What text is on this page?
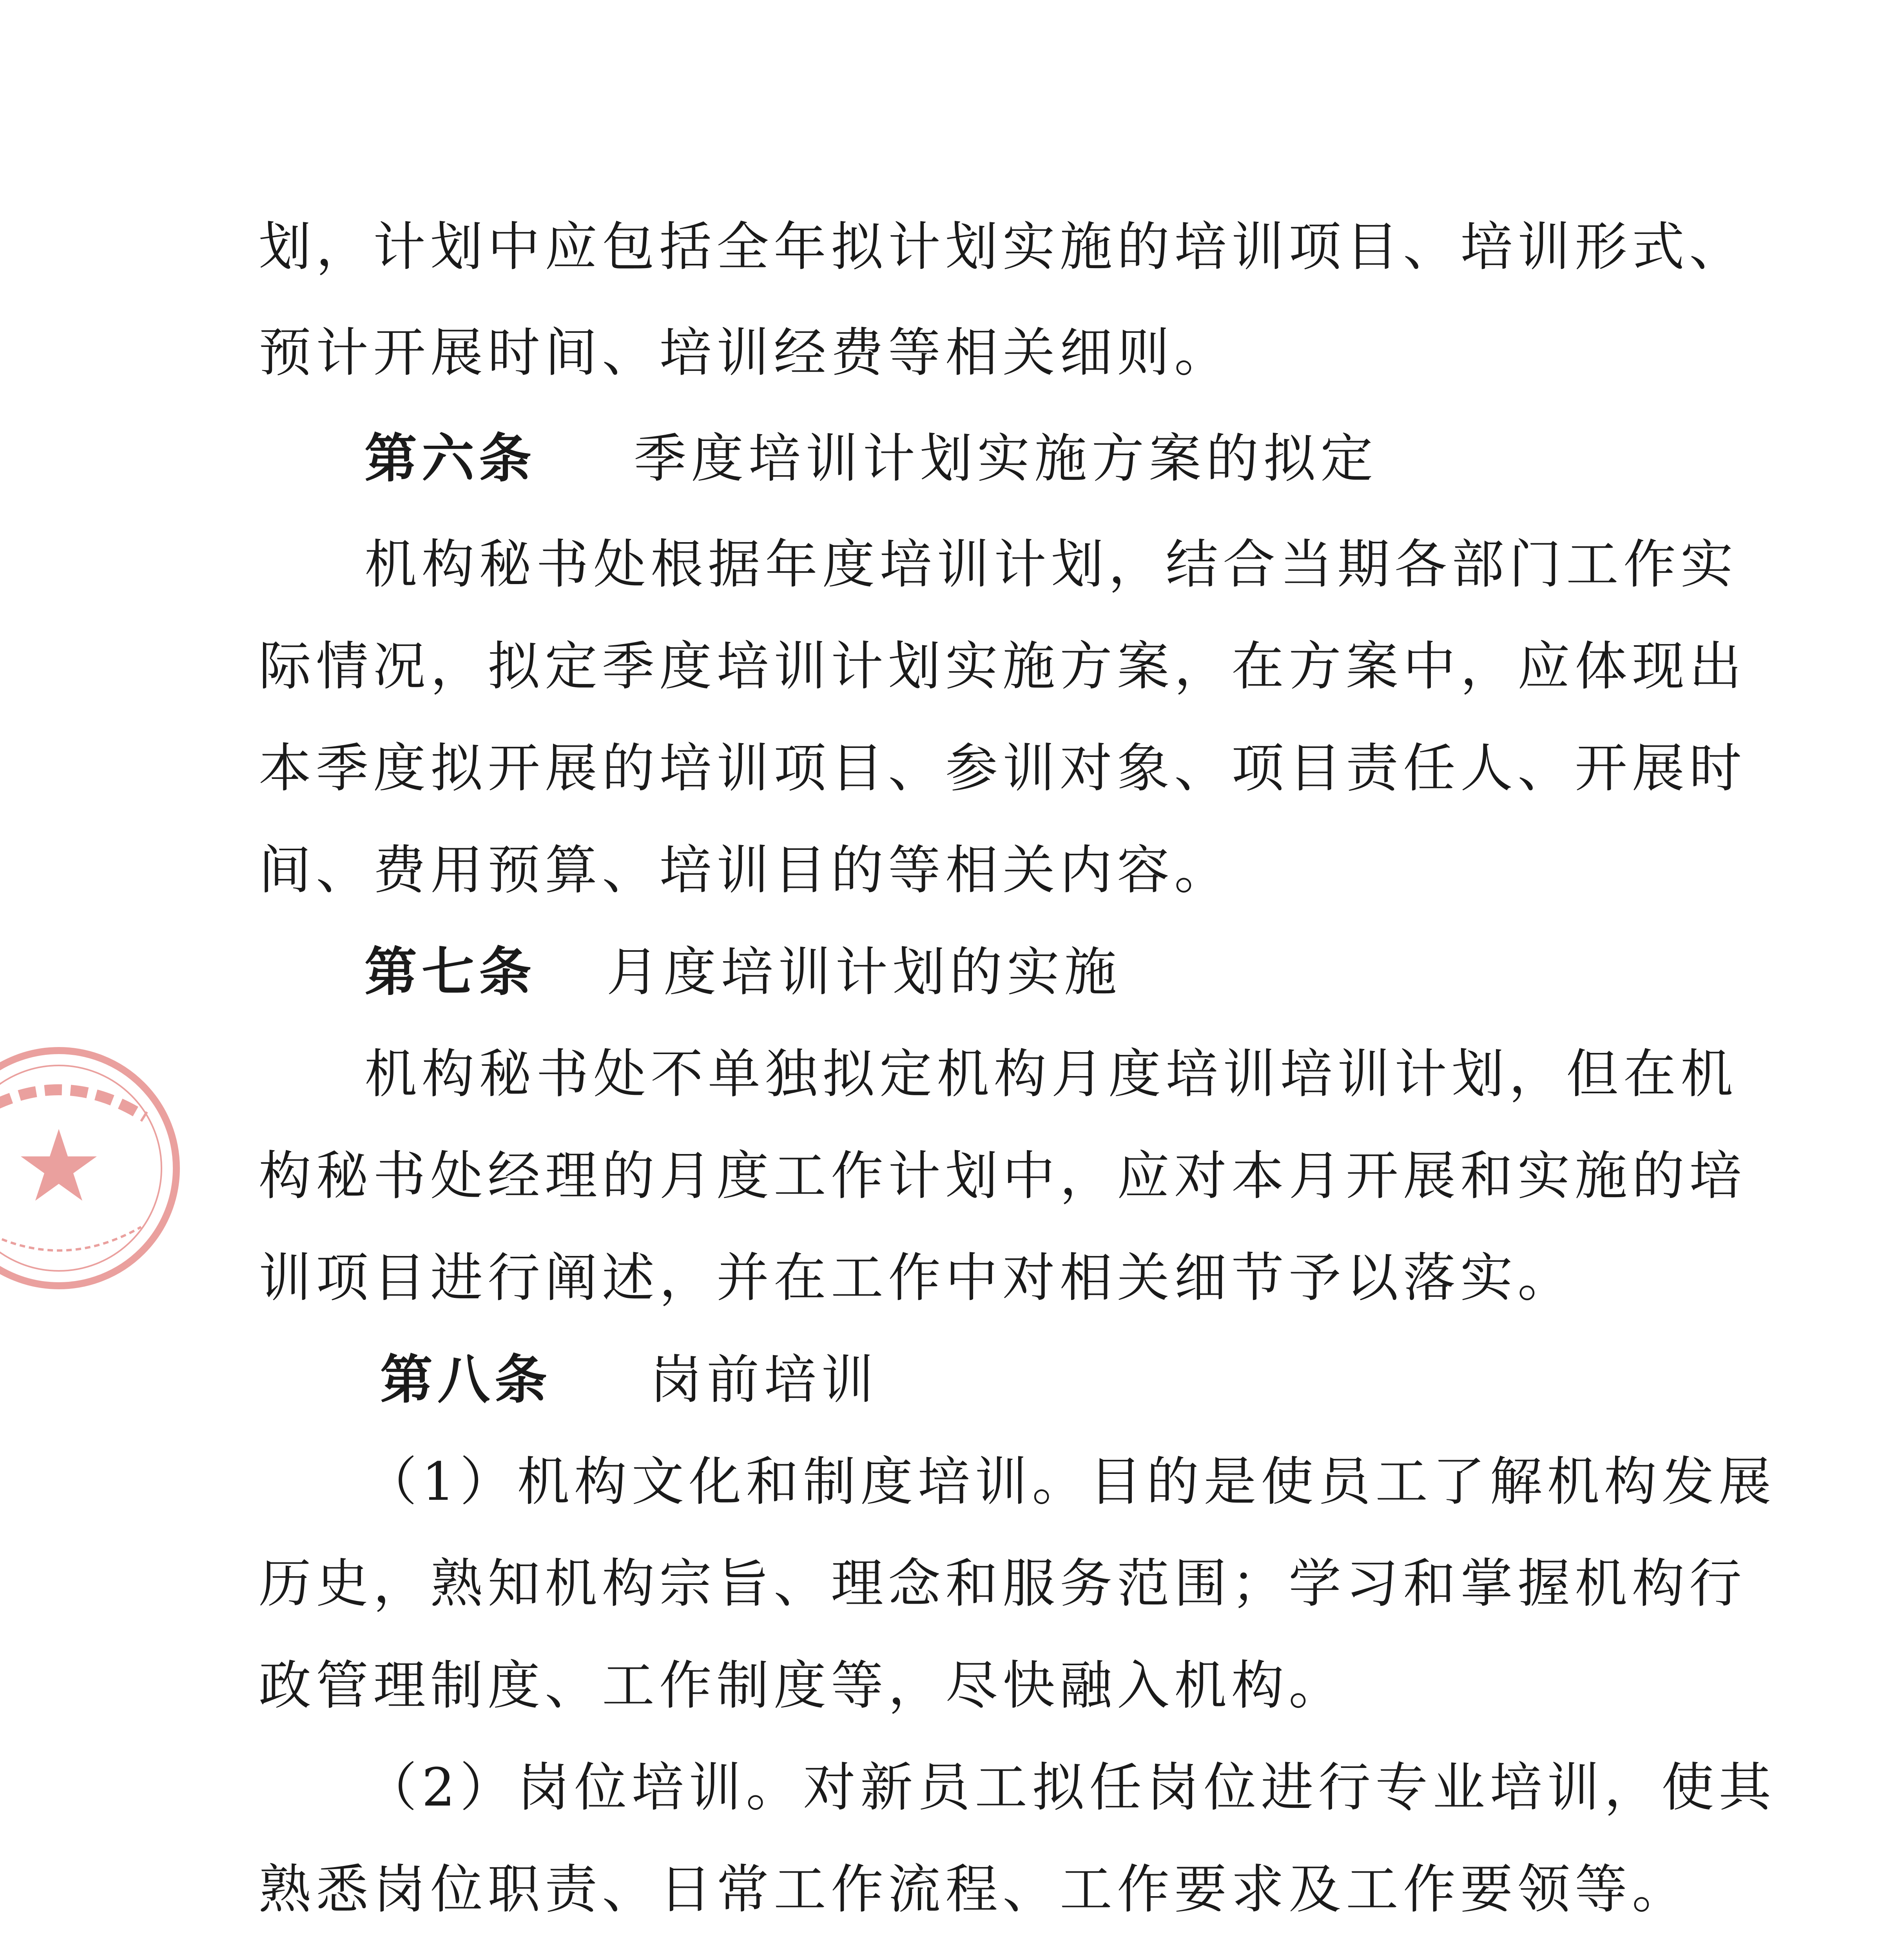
划，计划中应包括全年拟计划实施的培训项目、培训形式、
预计开展时间、培训经费等相关细则。
第六条 季度培训计划实施方案的拟定
机构秘书处根据年度培训计划，结合当期各部门工作实
际情况，拟定季度培训计划实施方案，在方案中，应体现出
本季度拟开展的培训项目、参训对象、项目责任人、开展时
间、费用预算、培训目的等相关内容。
第七条 月度培训计划的实施
机构秘书处不单独拟定机构月度培训培训计划，但在机
构秘书处经理的月度工作计划中，应对本月开展和实施的培
训项目进行阐述，并在工作中对相关细节予以落实。
第八条 岗前培训
（1）机构文化和制度培训。目的是使员工了解机构发展
历史，熟知机构宗旨、理念和服务范围；学习和掌握机构行
政管理制度、工作制度等，尽快融入机构。
（2）岗位培训。对新员工拟任岗位进行专业培训，使其
熟悉岗位职责、日常工作流程、工作要求及工作要领等。
